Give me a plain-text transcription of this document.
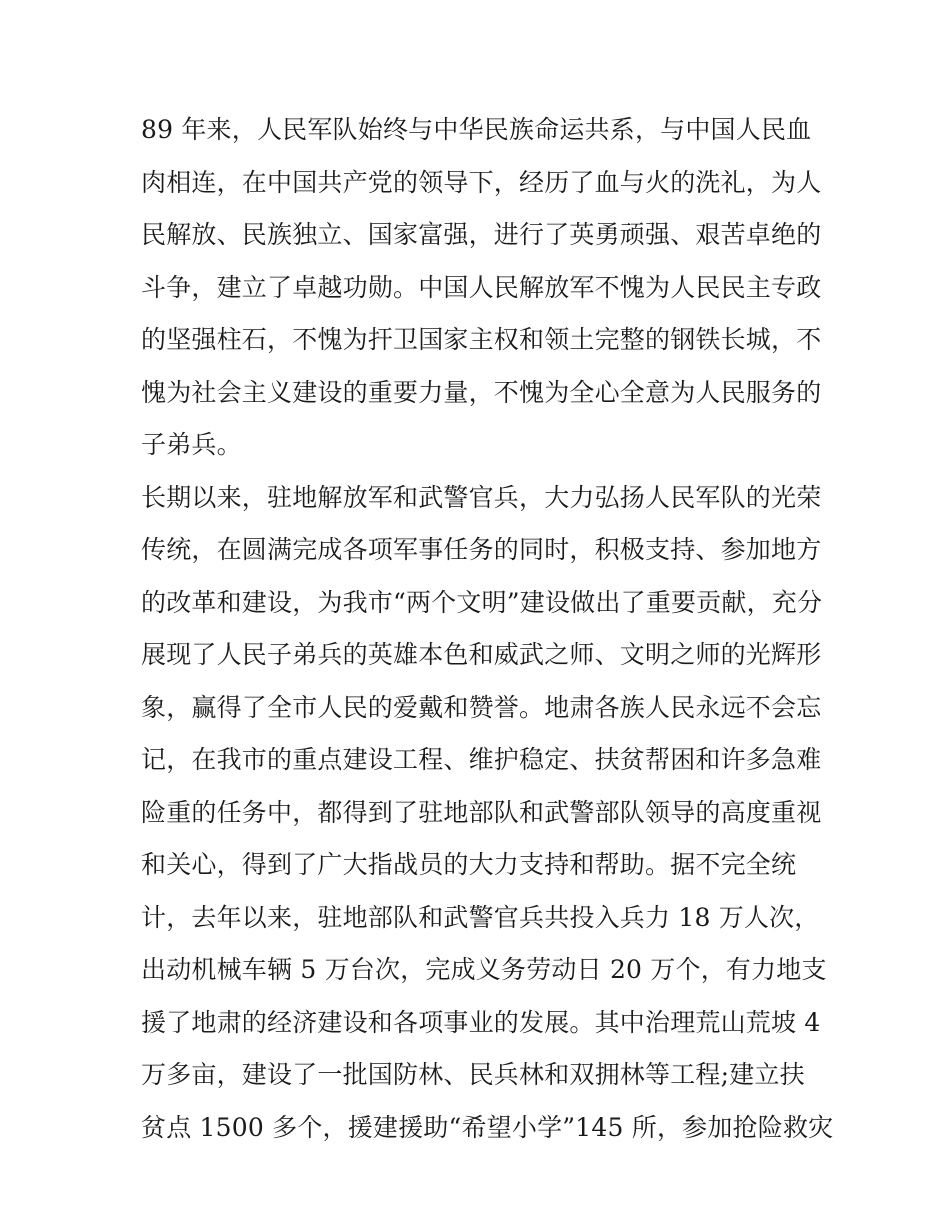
89 年来，人民军队始终与中华民族命运共系，与中国人民血
肉相连，在中国共产党的领导下，经历了血与火的洗礼，为人
民解放、民族独立、国家富强，进行了英勇顽强、艰苦卓绝的
斗争，建立了卓越功勋。中国人民解放军不愧为人民民主专政
的坚强柱石，不愧为扞卫国家主权和领土完整的钢铁长城，不
愧为社会主义建设的重要力量，不愧为全心全意为人民服务的
子弟兵。
长期以来，驻地解放军和武警官兵，大力弘扬人民军队的光荣
传统，在圆满完成各项军事任务的同时，积极支持、参加地方
的改革和建设，为我市“两个文明”建设做出了重要贡献，充分
展现了人民子弟兵的英雄本色和威武之师、文明之师的光辉形
象，赢得了全市人民的爱戴和赞誉。地肃各族人民永远不会忘
记，在我市的重点建设工程、维护稳定、扶贫帮困和许多急难
险重的任务中，都得到了驻地部队和武警部队领导的高度重视
和关心，得到了广大指战员的大力支持和帮助。据不完全统
计，去年以来，驻地部队和武警官兵共投入兵力 18 万人次，
出动机械车辆 5 万台次，完成义务劳动日 20 万个，有力地支
援了地肃的经济建设和各项事业的发展。其中治理荒山荒坡 4
万多亩，建设了一批国防林、民兵林和双拥林等工程;建立扶
贫点 1500 多个，援建援助“希望小学”145 所，参加抢险救灾
